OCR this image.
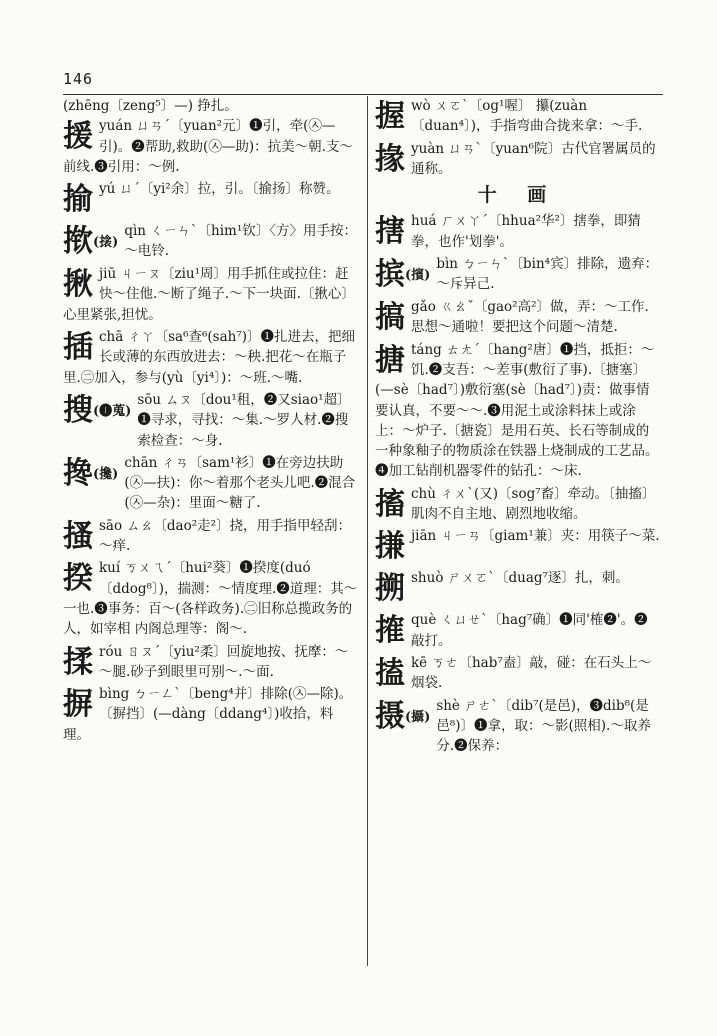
146
(zhēng〔zeng⁵〕—) 挣扎。
援yuán ㄩㄢˊ〔yuan²元〕❶引，牵(㉦—引)。❷帮助,救助(㉦—助)：抗美～朝.支～前线.❸引用：～例.
揄yú ㄩˊ〔yi²余〕拉，引。〔揄扬〕称赞。
揿(搇)
qìn ㄑㄧㄣˋ〔him¹钦〕〈方〉用手按：～电铃.
揪jiū ㄐㄧㄡ〔ziu¹周〕用手抓住或拉住：赶快～住他.～断了绳子.～下一块面.〔揪心〕心里紧张,担忧。
插chā ㄔㄚ〔sa⁶查⁶(sah⁷)〕❶扎进去，把细长或薄的东西放进去：～秧.把花～在瓶子里.㊁加入，参与(yù〔yi⁴〕)：～班.～嘴.
搜(❶蒐)
sōu ㄙㄡ〔dou¹租，❷又siao¹超〕❶寻求，寻找：～集.～罗人材.❷搜索检查：～身.
搀(攙)
chān ㄔㄢ〔sam¹衫〕❶在旁边扶助(㉦—扶)：你～着那个老头儿吧.❷混合(㉦—杂)：里面～糖了.
搔sāo ㄙㄠ〔dao²走²〕挠，用手指甲轻刮：～痒.
揆kuí ㄎㄨㄟˊ〔hui²葵〕❶揆度(duó〔ddog⁸〕)，揣测：～情度理.❷道理：其～一也.❸事务：百～(各样政务).㊁旧称总揽政务的人，如宰相 内阁总理等：阁～.
揉róu ㄖㄡˊ〔yiu²柔〕回旋地按、抚摩：～～腿.砂子到眼里可别～.～面.
摒bìng ㄅㄧㄥˋ〔beng⁴并〕排除(㉦—除)。〔摒挡〕(—dàng〔ddang⁴〕)收拾，料理。
握wò ㄨㄛˋ〔og¹喔〕 攥(zuàn〔duan⁴〕)，手指弯曲合拢来拿：～手.
掾yuàn ㄩㄢˋ〔yuan⁶院〕古代官署属员的通称。
十 画
搳huá ㄏㄨㄚˊ〔hhua²华²〕搳拳，即猜拳，也作'划拳'。
摈(擯)
bìn ㄅㄧㄣˋ〔bin⁴宾〕排除，遗弃：～斥异己.
搞gǎo ㄍㄠˇ〔gao²高²〕做，弄：～工作.思想～通啦！要把这个问题～清楚.
搪táng ㄊㄤˊ〔hang²唐〕❶挡，抵拒：～饥.❷支吾：～差事(敷衍了事).〔搪塞〕(—sè〔had⁷〕)敷衍塞(sè〔had⁷〕)责：做事情要认真，不要～～.❸用泥土或涂料抹上或涂上：～炉子.〔搪瓷〕是用石英、长石等制成的一种象釉子的物质涂在铁器上烧制成的工艺品。❹加工钻削机器零件的钻孔：～床.
搐chù ㄔㄨˋ(又)〔sog⁷畜〕牵动。〔抽搐〕肌肉不自主地、剧烈地收缩。
搛jiān ㄐㄧㄢ〔giam¹兼〕夹：用筷子～菜.
搠shuò ㄕㄨㄛˋ〔duag⁷逐〕扎，刺。
搉què ㄑㄩㄝˋ〔hag⁷确〕❶同'榷❷'。❷敲打。
搕kē ㄎㄜ〔hab⁷盍〕敲，碰：在石头上～烟袋.
摄(攝)
shè ㄕㄜˋ〔dib⁷(是邑)，❸dib⁸(是邑⁸)〕❶拿，取：～影(照相).～取养分.❷保养：
